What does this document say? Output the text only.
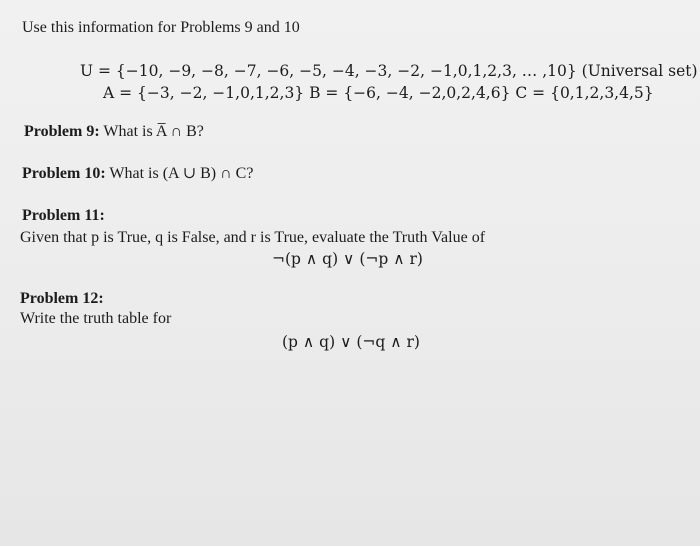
Use this information for Problems 9 and 10
U = {−10, −9, −8, −7, −6, −5, −4, −3, −2, −1,0,1,2,3, … ,10} (Universal set)
A = {−3, −2, −1,0,1,2,3} B = {−6, −4, −2,0,2,4,6} C = {0,1,2,3,4,5}
Problem 9: What is A̅ ∩ B?
Problem 10: What is (A ∪ B) ∩ C?
Problem 11:
Given that p is True, q is False, and r is True, evaluate the Truth Value of
¬(p ∧ q) ∨ (¬p ∧ r)
Problem 12:
Write the truth table for
(p ∧ q) ∨ (¬q ∧ r)
